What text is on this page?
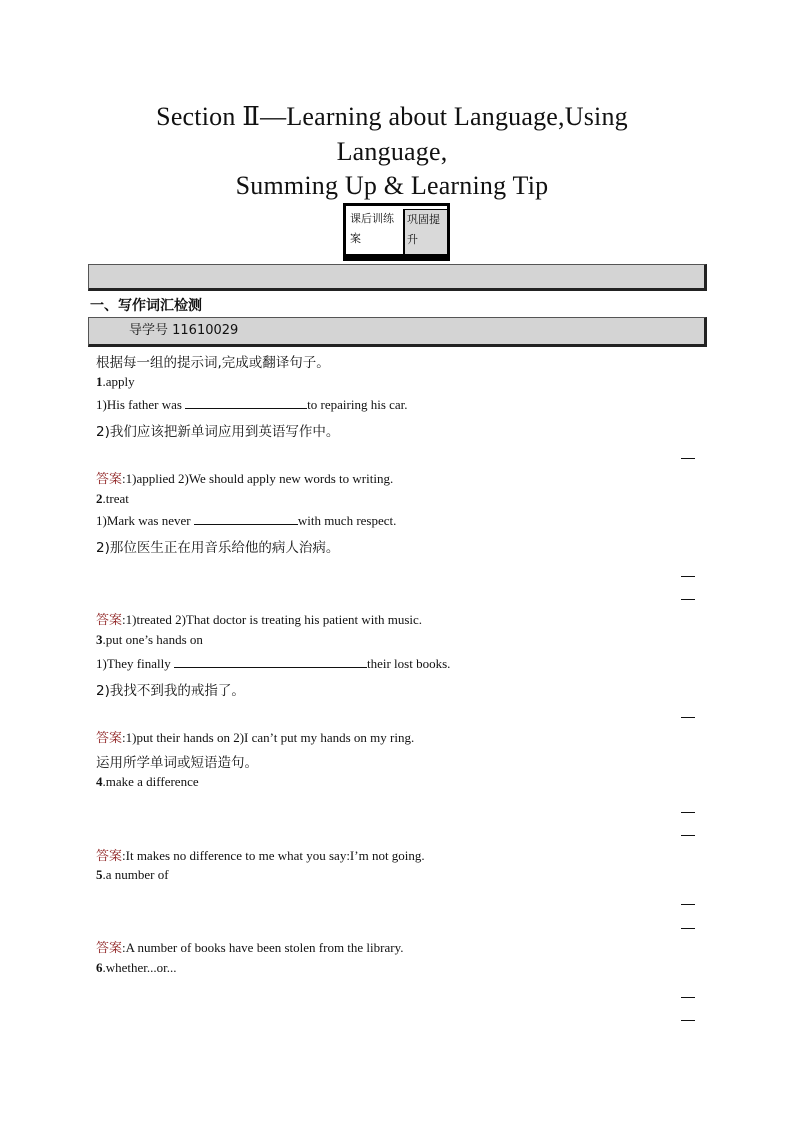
Section Ⅱ—Learning about Language,Using
Language,
Summing Up & Learning Tip
课后训练案
巩固提升
一、写作词汇检测
导学号 11610029
根据每一组的提示词,完成或翻译句子。
1.apply
1)His father was	to repairing his car.
2)我们应该把新单词应用到英语写作中。
答案:1)applied 2)We should apply new words to writing.
2.treat
1)Mark was never	with much respect.
2)那位医生正在用音乐给他的病人治病。
答案:1)treated 2)That doctor is treating his patient with music.
3.put one’s hands on
1)They finally	their lost books.
2)我找不到我的戒指了。
答案:1)put their hands on 2)I can’t put my hands on my ring.
运用所学单词或短语造句。
4.make a difference
答案:It makes no difference to me what you say:I’m not going.
5.a number of
答案:A number of books have been stolen from the library.
6.whether...or...
